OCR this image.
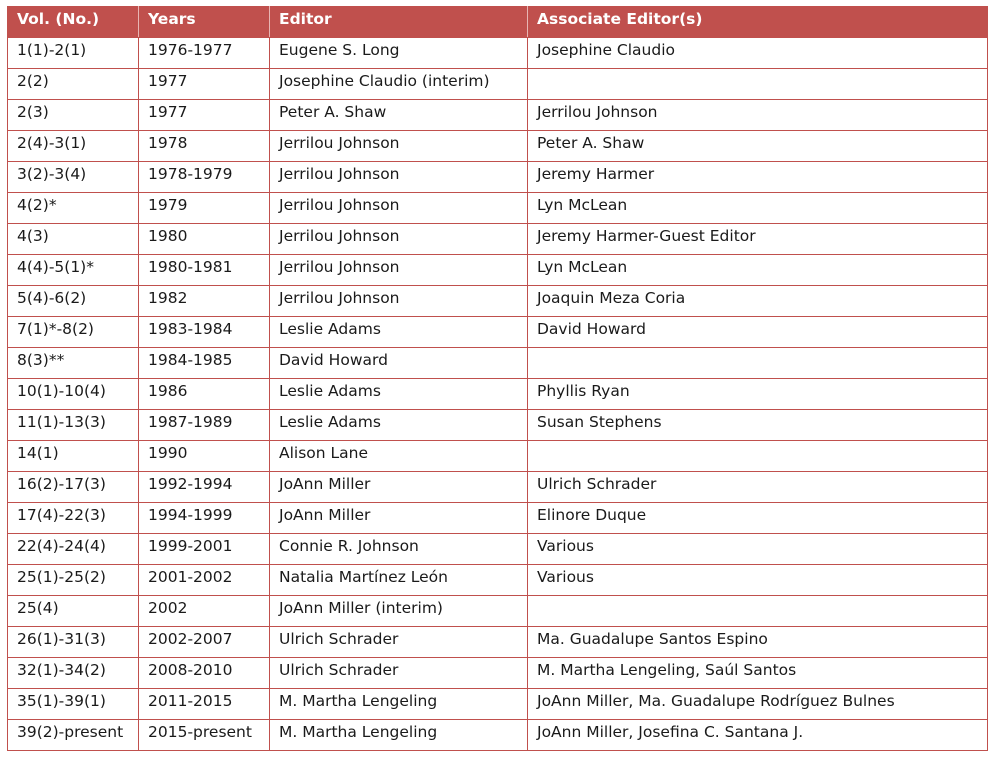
Vol. (No.)	Years	Editor	Associate Editor(s)
1(1)-2(1)	1976-1977	Eugene S. Long	Josephine Claudio
2(2)	1977	Josephine Claudio (interim)	
2(3)	1977	Peter A. Shaw	Jerrilou Johnson
2(4)-3(1)	1978	Jerrilou Johnson	Peter A. Shaw
3(2)-3(4)	1978-1979	Jerrilou Johnson	Jeremy Harmer
4(2)*	1979	Jerrilou Johnson	Lyn McLean
4(3)	1980	Jerrilou Johnson	Jeremy Harmer-Guest Editor
4(4)-5(1)*	1980-1981	Jerrilou Johnson	Lyn McLean
5(4)-6(2)	1982	Jerrilou Johnson	Joaquin Meza Coria
7(1)*-8(2)	1983-1984	Leslie Adams	David Howard
8(3)**	1984-1985	David Howard	
10(1)-10(4)	1986	Leslie Adams	Phyllis Ryan
11(1)-13(3)	1987-1989	Leslie Adams	Susan Stephens
14(1)	1990	Alison Lane	
16(2)-17(3)	1992-1994	JoAnn Miller	Ulrich Schrader
17(4)-22(3)	1994-1999	JoAnn Miller	Elinore Duque
22(4)-24(4)	1999-2001	Connie R. Johnson	Various
25(1)-25(2)	2001-2002	Natalia Martínez León	Various
25(4)	2002	JoAnn Miller (interim)	
26(1)-31(3)	2002-2007	Ulrich Schrader	Ma. Guadalupe Santos Espino
32(1)-34(2)	2008-2010	Ulrich Schrader	M. Martha Lengeling, Saúl Santos
35(1)-39(1)	2011-2015	M. Martha Lengeling	JoAnn Miller, Ma. Guadalupe Rodríguez Bulnes
39(2)-present	2015-present	M. Martha Lengeling	JoAnn Miller, Josefina C. Santana J.
